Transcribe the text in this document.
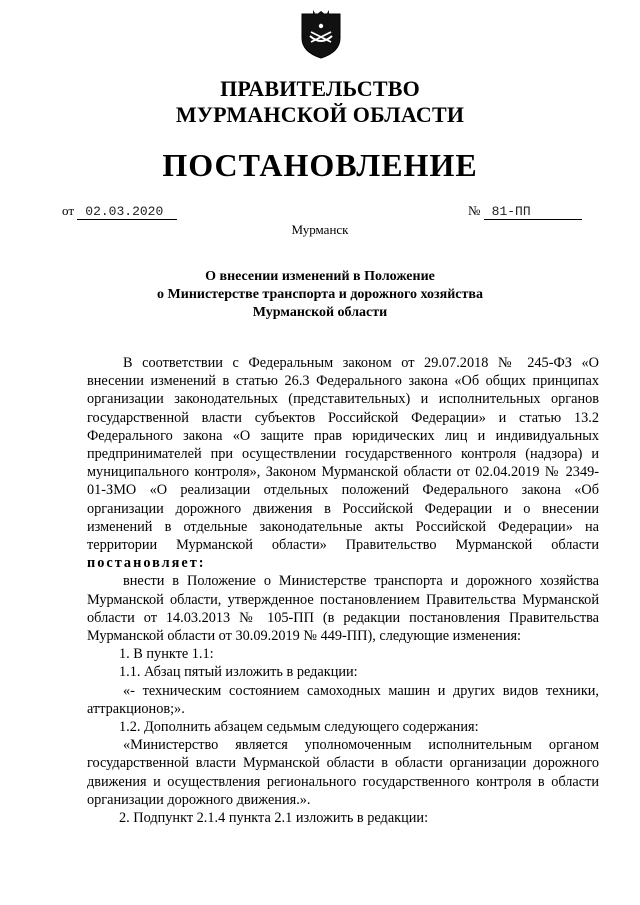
ПРАВИТЕЛЬСТВО
МУРМАНСКОЙ ОБЛАСТИ
ПОСТАНОВЛЕНИЕ
от 02.03.2020	№ 81-ПП
Мурманск
О внесении изменений в Положение
о Министерстве транспорта и дорожного хозяйства
Мурманской области

В соответствии с Федеральным законом от 29.07.2018 № 245-ФЗ «О внесении изменений в статью 26.3 Федерального закона «Об общих принципах организации законодательных (представительных) и исполнительных органов государственной власти субъектов Российской Федерации» и статью 13.2 Федерального закона «О защите прав юридических лиц и индивидуальных предпринимателей при осуществлении государственного контроля (надзора) и муниципального контроля», Законом Мурманской области от 02.04.2019 № 2349-01-ЗМО «О реализации отдельных положений Федерального закона «Об организации дорожного движения в Российской Федерации и о внесении изменений в отдельные законодательные акты Российской Федерации» на территории Мурманской области» Правительство Мурманской области постановляет:

внести в Положение о Министерстве транспорта и дорожного хозяйства Мурманской области, утвержденное постановлением Правительства Мурманской области от 14.03.2013 № 105-ПП (в редакции постановления Правительства Мурманской области от 30.09.2019 № 449-ПП), следующие изменения:

1. В пункте 1.1:

1.1. Абзац пятый изложить в редакции:

«- техническим состоянием самоходных машин и других видов техники, аттракционов;».

1.2. Дополнить абзацем седьмым следующего содержания:

«Министерство является уполномоченным исполнительным органом государственной власти Мурманской области в области организации дорожного движения и осуществления регионального государственного контроля в области организации дорожного движения.».

2. Подпункт 2.1.4 пункта 2.1 изложить в редакции:
